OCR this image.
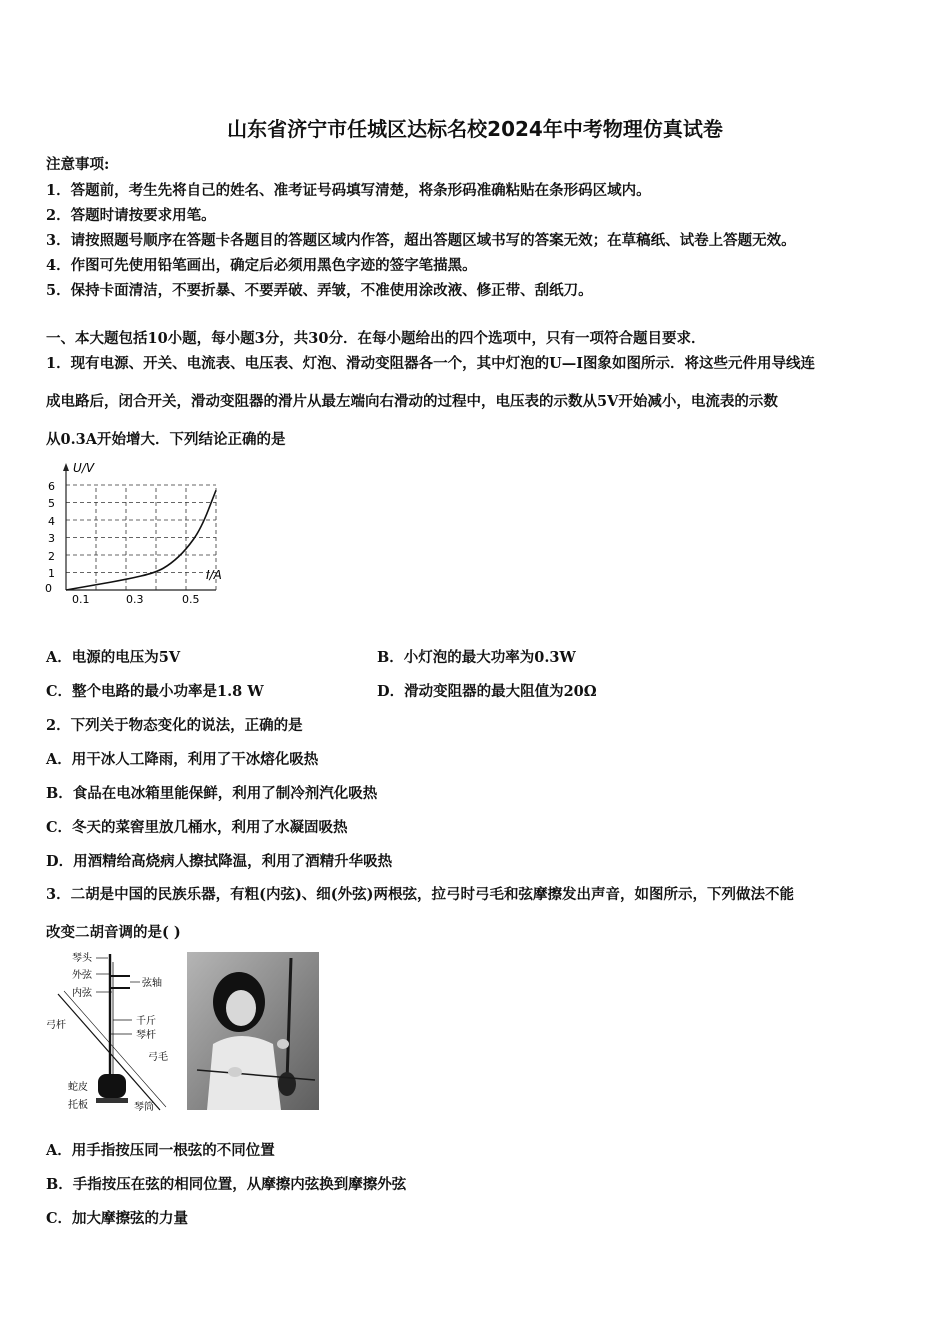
山东省济宁市任城区达标名校2024年中考物理仿真试卷
注意事项:
1．答题前，考生先将自己的姓名、准考证号码填写清楚，将条形码准确粘贴在条形码区域内。
2．答题时请按要求用笔。
3．请按照题号顺序在答题卡各题目的答题区域内作答，超出答题区域书写的答案无效；在草稿纸、试卷上答题无效。
4．作图可先使用铅笔画出，确定后必须用黑色字迹的签字笔描黑。
5．保持卡面清洁，不要折暴、不要弄破、弄皱，不准使用涂改液、修正带、刮纸刀。
一、本大题包括10小题，每小题3分，共30分．在每小题给出的四个选项中，只有一项符合题目要求．
1．现有电源、开关、电流表、电压表、灯泡、滑动变阻器各一个，其中灯泡的U—I图象如图所示．将这些元件用导线连
成电路后，闭合开关，滑动变阻器的滑片从最左端向右滑动的过程中，电压表的示数从5V开始减小，电流表的示数
从0.3A开始增大．下列结论正确的是
U/V
I/A
0
1
2
3
4
5
6
0.1	0.3	0.5
A．电源的电压为5V	B．小灯泡的最大功率为0.3W
C．整个电路的最小功率是1.8 W	D．滑动变阻器的最大阻值为20Ω
2．下列关于物态变化的说法，正确的是
A．用干冰人工降雨，利用了干冰熔化吸热
B．食品在电冰箱里能保鲜，利用了制冷剂汽化吸热
C．冬天的菜窖里放几桶水，利用了水凝固吸热
D．用酒精给高烧病人擦拭降温，利用了酒精升华吸热
3．二胡是中国的民族乐器，有粗(内弦)、细(外弦)两根弦，拉弓时弓毛和弦摩擦发出声音，如图所示，下列做法不能
改变二胡音调的是( )
琴头
外弦
内弦
弦轴
弓杆	千斤
琴杆
弓毛
蛇皮
托板	琴筒
A．用手指按压同一根弦的不同位置
B．手指按压在弦的相同位置，从摩擦内弦换到摩擦外弦
C．加大摩擦弦的力量
